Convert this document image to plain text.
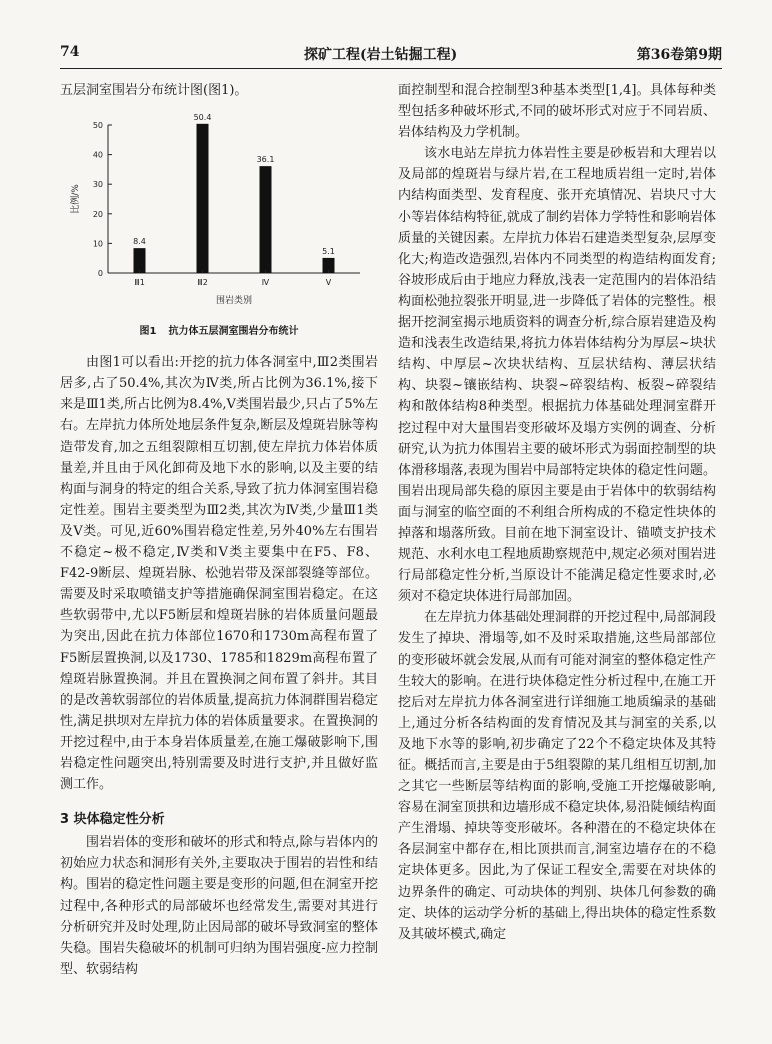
74	探矿工程(岩土钻掘工程)	第36卷第9期

五层洞室围岩分布统计图(图1)。

0
10
20
30
40
50
比例/%
8.4
Ⅲ1
50.4
Ⅲ2
36.1
Ⅳ
5.1
Ⅴ
围岩类别
图1 抗力体五层洞室围岩分布统计

由图1可以看出:开挖的抗力体各洞室中,Ⅲ2类围岩居多,占了50.4%,其次为Ⅳ类,所占比例为36.1%,接下来是Ⅲ1类,所占比例为8.4%,Ⅴ类围岩最少,只占了5%左右。左岸抗力体所处地层条件复杂,断层及煌斑岩脉等构造带发育,加之五组裂隙相互切割,使左岸抗力体岩体质量差,并且由于风化卸荷及地下水的影响,以及主要的结构面与洞身的特定的组合关系,导致了抗力体洞室围岩稳定性差。围岩主要类型为Ⅲ2类,其次为Ⅳ类,少量Ⅲ1类及Ⅴ类。可见,近60%围岩稳定性差,另外40%左右围岩不稳定~极不稳定,Ⅳ类和Ⅴ类主要集中在F5、F8、F42-9断层、煌斑岩脉、松弛岩带及深部裂缝等部位。需要及时采取喷锚支护等措施确保洞室围岩稳定。在这些软弱带中,尤以F5断层和煌斑岩脉的岩体质量问题最为突出,因此在抗力体部位1670和1730m高程布置了F5断层置换洞,以及1730、1785和1829m高程布置了煌斑岩脉置换洞。并且在置换洞之间布置了斜井。其目的是改善软弱部位的岩体质量,提高抗力体洞群围岩稳定性,满足拱坝对左岸抗力体的岩体质量要求。在置换洞的开挖过程中,由于本身岩体质量差,在施工爆破影响下,围岩稳定性问题突出,特别需要及时进行支护,并且做好监测工作。

3 块体稳定性分析

围岩岩体的变形和破坏的形式和特点,除与岩体内的初始应力状态和洞形有关外,主要取决于围岩的岩性和结构。围岩的稳定性问题主要是变形的问题,但在洞室开挖过程中,各种形式的局部破坏也经常发生,需要对其进行分析研究并及时处理,防止因局部的破坏导致洞室的整体失稳。围岩失稳破坏的机制可归纳为围岩强度-应力控制型、软弱结构

面控制型和混合控制型3种基本类型[1,4]。具体每种类型包括多种破坏形式,不同的破坏形式对应于不同岩质、岩体结构及力学机制。

该水电站左岸抗力体岩性主要是砂板岩和大理岩以及局部的煌斑岩与绿片岩,在工程地质岩组一定时,岩体内结构面类型、发育程度、张开充填情况、岩块尺寸大小等岩体结构特征,就成了制约岩体力学特性和影响岩体质量的关键因素。左岸抗力体岩石建造类型复杂,层厚变化大;构造改造强烈,岩体内不同类型的构造结构面发育;谷坡形成后由于地应力释放,浅表一定范围内的岩体沿结构面松弛拉裂张开明显,进一步降低了岩体的完整性。根据开挖洞室揭示地质资料的调查分析,综合原岩建造及构造和浅表生改造结果,将抗力体岩体结构分为厚层~块状结构、中厚层~次块状结构、互层状结构、薄层状结构、块裂~镶嵌结构、块裂~碎裂结构、板裂~碎裂结构和散体结构8种类型。根据抗力体基础处理洞室群开挖过程中对大量围岩变形破坏及塌方实例的调查、分析研究,认为抗力体围岩主要的破坏形式为弱面控制型的块体滑移塌落,表现为围岩中局部特定块体的稳定性问题。围岩出现局部失稳的原因主要是由于岩体中的软弱结构面与洞室的临空面的不利组合所构成的不稳定性块体的掉落和塌落所致。目前在地下洞室设计、锚喷支护技术规范、水利水电工程地质勘察规范中,规定必须对围岩进行局部稳定性分析,当原设计不能满足稳定性要求时,必须对不稳定块体进行局部加固。

在左岸抗力体基础处理洞群的开挖过程中,局部洞段发生了掉块、滑塌等,如不及时采取措施,这些局部部位的变形破坏就会发展,从而有可能对洞室的整体稳定性产生较大的影响。在进行块体稳定性分析过程中,在施工开挖后对左岸抗力体各洞室进行详细施工地质编录的基础上,通过分析各结构面的发育情况及其与洞室的关系,以及地下水等的影响,初步确定了22个不稳定块体及其特征。概括而言,主要是由于5组裂隙的某几组相互切割,加之其它一些断层等结构面的影响,受施工开挖爆破影响,容易在洞室顶拱和边墙形成不稳定块体,易沿陡倾结构面产生滑塌、掉块等变形破坏。各种潜在的不稳定块体在各层洞室中都存在,相比顶拱而言,洞室边墙存在的不稳定块体更多。因此,为了保证工程安全,需要在对块体的边界条件的确定、可动块体的判别、块体几何参数的确定、块体的运动学分析的基础上,得出块体的稳定性系数及其破坏模式,确定
